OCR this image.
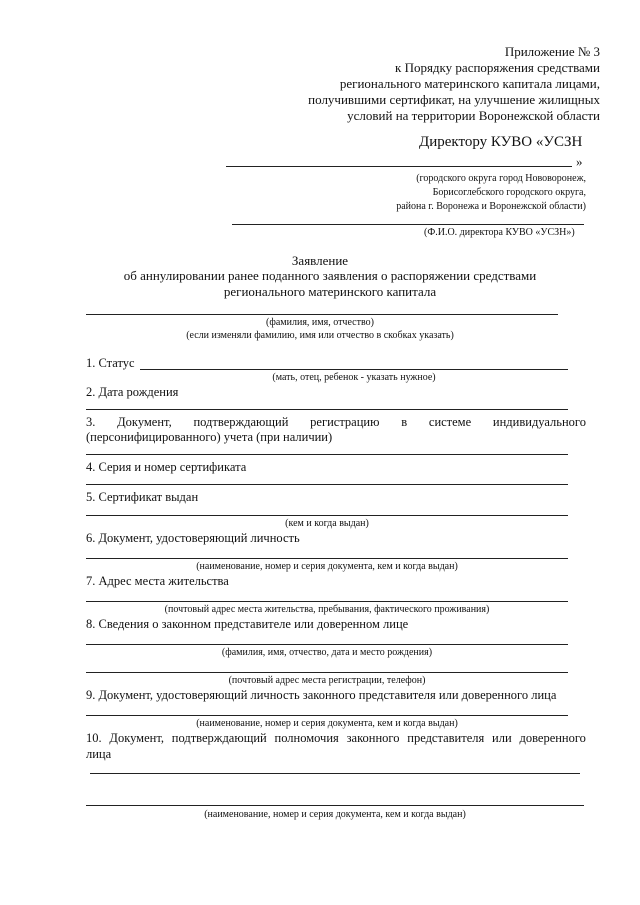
Приложение № 3
к Порядку распоряжения средствами
регионального материнского капитала лицами,
получившими сертификат, на улучшение жилищных
условий на территории Воронежской области
Директору КУВО «УСЗН
»
(городского округа город Нововоронеж,
Борисоглебского городского округа,
района г. Воронежа и Воронежской области)
(Ф.И.О. директора КУВО «УСЗН»)
Заявление
об аннулировании ранее поданного заявления о распоряжении средствами
регионального материнского капитала
(фамилия, имя, отчество)
(если изменяли фамилию, имя или отчество в скобках указать)
1. Статус
(мать, отец, ребенок - указать нужное)
2. Дата рождения
3. Документ, подтверждающий регистрацию в системе индивидуального
(персонифицированного) учета (при наличии)
4. Серия и номер сертификата
5. Сертификат выдан
(кем и когда выдан)
6. Документ, удостоверяющий личность
(наименование, номер и серия документа, кем и когда выдан)
7. Адрес места жительства
(почтовый адрес места жительства, пребывания, фактического проживания)
8. Сведения о законном представителе или доверенном лице
(фамилия, имя, отчество, дата и место рождения)
(почтовый адрес места регистрации, телефон)
9. Документ, удостоверяющий личность законного представителя или доверенного лица
(наименование, номер и серия документа, кем и когда выдан)
10. Документ, подтверждающий полномочия законного представителя или доверенного
лица
(наименование, номер и серия документа, кем и когда выдан)
